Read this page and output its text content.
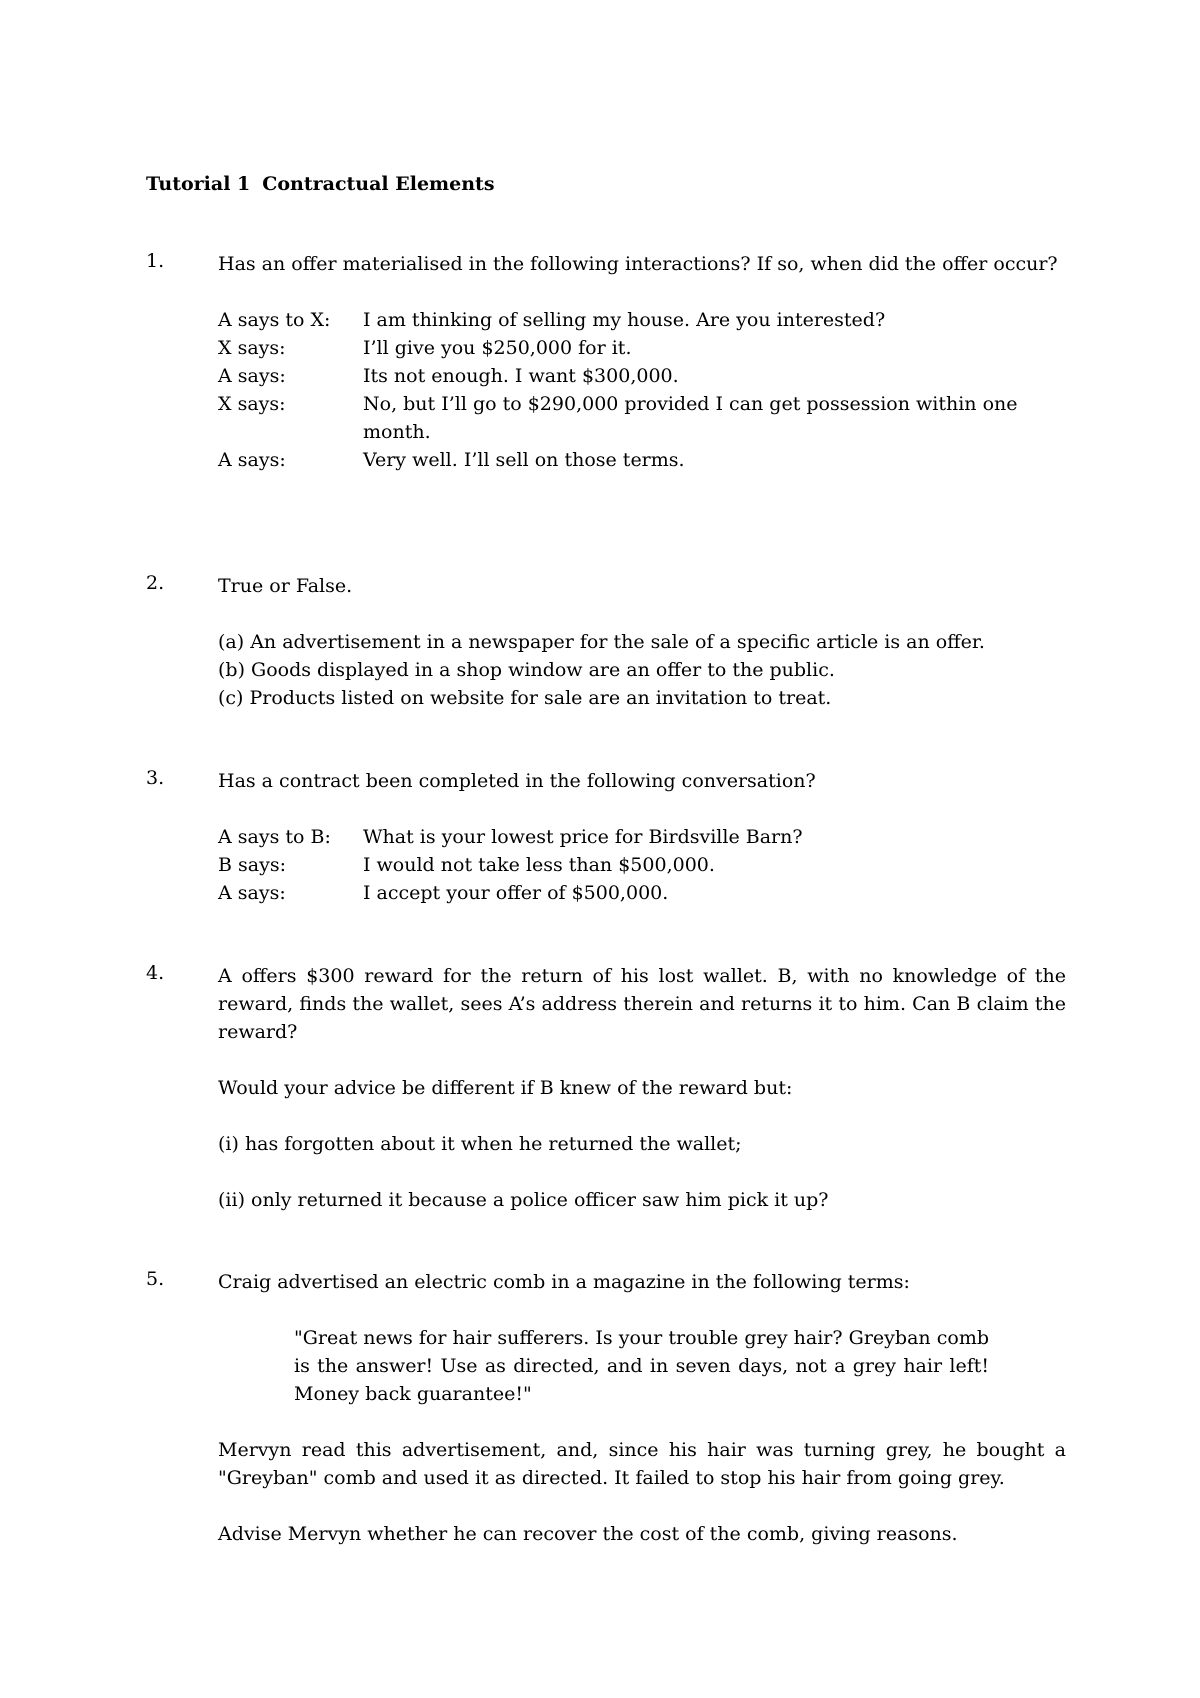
Tutorial 1 Contractual Elements
1.	Has an offer materialised in the following interactions? If so, when did the offer occur?
A says to X:	I am thinking of selling my house. Are you interested?
X says:	I’ll give you $250,000 for it.
A says:	Its not enough. I want $300,000.
X says:	No, but I’ll go to $290,000 provided I can get possession within one month.
A says:	Very well. I’ll sell on those terms.
2.	True or False.
(a) An advertisement in a newspaper for the sale of a specific article is an offer.
(b) Goods displayed in a shop window are an offer to the public.
(c) Products listed on website for sale are an invitation to treat.
3.	Has a contract been completed in the following conversation?
A says to B:	What is your lowest price for Birdsville Barn?
B says:	I would not take less than $500,000.
A says:	I accept your offer of $500,000.
4.	A offers $300 reward for the return of his lost wallet. B, with no knowledge of the reward, finds the wallet, sees A’s address therein and returns it to him. Can B claim the reward?
Would your advice be different if B knew of the reward but:
(i) has forgotten about it when he returned the wallet;
(ii) only returned it because a police officer saw him pick it up?
5.	Craig advertised an electric comb in a magazine in the following terms:
"Great news for hair sufferers. Is your trouble grey hair? Greyban comb is the answer! Use as directed, and in seven days, not a grey hair left! Money back guarantee!"
Mervyn read this advertisement, and, since his hair was turning grey, he bought a "Greyban" comb and used it as directed. It failed to stop his hair from going grey.
Advise Mervyn whether he can recover the cost of the comb, giving reasons.
